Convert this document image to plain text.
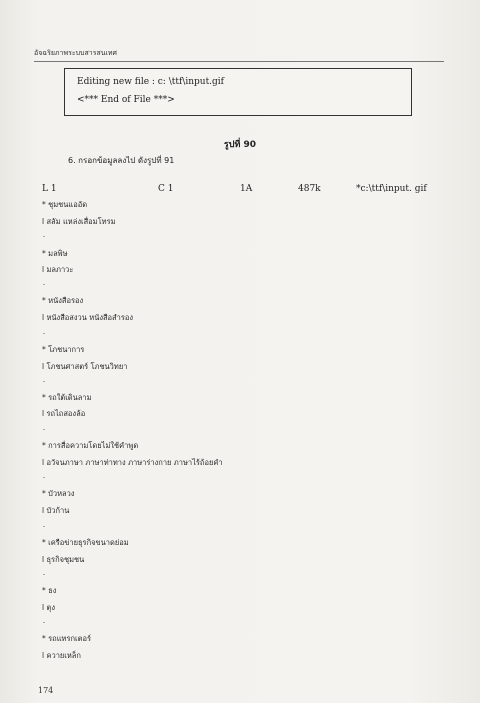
อัจฉริยภาพระบบสารสนเทศ
Editing new file : c: \ttf\input.gif
<*** End of File ***>
รูปที่ 90
6. กรอกข้อมูลลงไป ดังรูปที่ 91
L 1	C 1	1A	487k	*c:\ttf\input. gif
* ชุมชนแออัด
l สลัม แหล่งเสื่อมโทรม
* มลพิษ
l มลภาวะ
* หนังสือรอง
l หนังสือสงวน หนังสือสำรอง
* โภชนาการ
l โภชนศาสตร์ โภชนวิทยา
* รถใต้เดินลาม
l รถไถสองล้อ
* การสื่อความโดยไม่ใช้คำพูด
l อวัจนภาษา ภาษาท่าทาง ภาษาร่างกาย ภาษาไร้ถ้อยคำ
* บัวหลวง
l บัวก้าน
* เครือข่ายธุรกิจขนาดย่อม
l ธุรกิจชุมชน
* ธง
l ตุง
* รถแทรกเตอร์
l ควายเหล็ก
174
